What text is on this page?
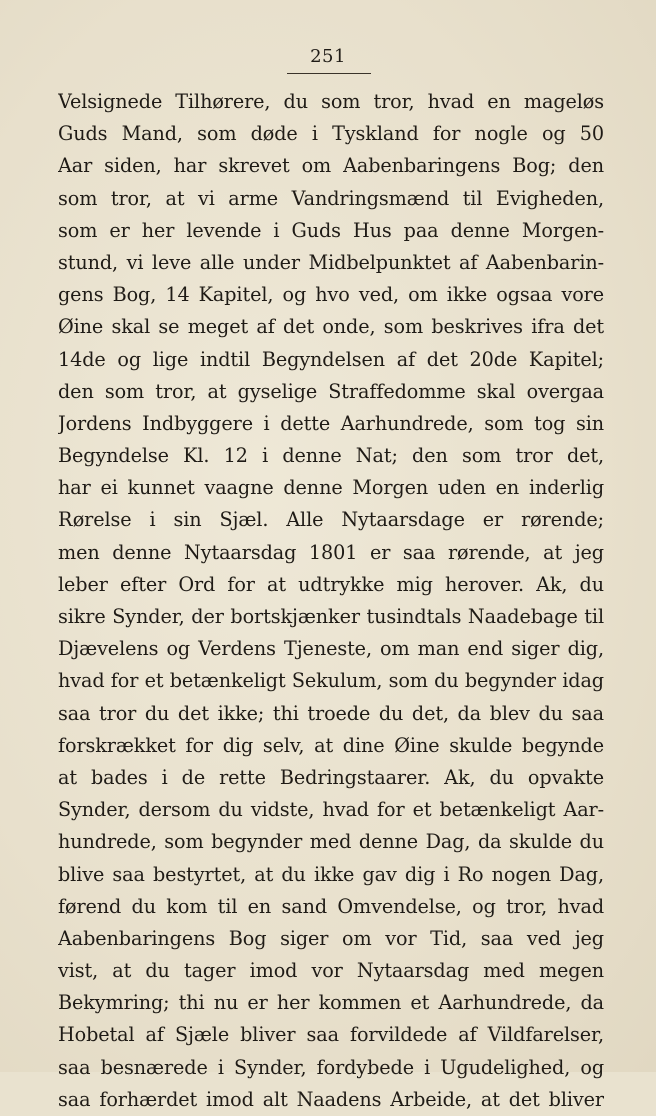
251
Velsignede Tilhørere, du som tror, hvad en mageløs
Guds Mand, som døde i Tyskland for nogle og 50
Aar siden, har skrevet om Aabenbaringens Bog; den
som tror, at vi arme Vandringsmænd til Evigheden,
som er her levende i Guds Hus paa denne Morgen-
stund, vi leve alle under Midbelpunktet af Aabenbarin-
gens Bog, 14 Kapitel, og hvo ved, om ikke ogsaa vore
Øine skal se meget af det onde, som beskrives ifra det
14de og lige indtil Begyndelsen af det 20de Kapitel;
den som tror, at gyselige Straffedomme skal overgaa
Jordens Indbyggere i dette Aarhundrede, som tog sin
Begyndelse Kl. 12 i denne Nat; den som tror det,
har ei kunnet vaagne denne Morgen uden en inderlig
Rørelse i sin Sjæl. Alle Nytaarsdage er rørende;
men denne Nytaarsdag 1801 er saa rørende, at jeg
leber efter Ord for at udtrykke mig herover. Ak, du
sikre Synder, der bortskjænker tusindtals Naadebage til
Djævelens og Verdens Tjeneste, om man end siger dig,
hvad for et betænkeligt Sekulum, som du begynder idag
saa tror du det ikke; thi troede du det, da blev du saa
forskrækket for dig selv, at dine Øine skulde begynde
at bades i de rette Bedringstaarer. Ak, du opvakte
Synder, dersom du vidste, hvad for et betænkeligt Aar-
hundrede, som begynder med denne Dag, da skulde du
blive saa bestyrtet, at du ikke gav dig i Ro nogen Dag,
førend du kom til en sand Omvendelse, og tror, hvad
Aabenbaringens Bog siger om vor Tid, saa ved jeg
vist, at du tager imod vor Nytaarsdag med megen
Bekymring; thi nu er her kommen et Aarhundrede, da
Hobetal af Sjæle bliver saa forvildede af Vildfarelser,
saa besnærede i Synder, fordybede i Ugudelighed, og
saa forhærdet imod alt Naadens Arbeide, at det bliver
